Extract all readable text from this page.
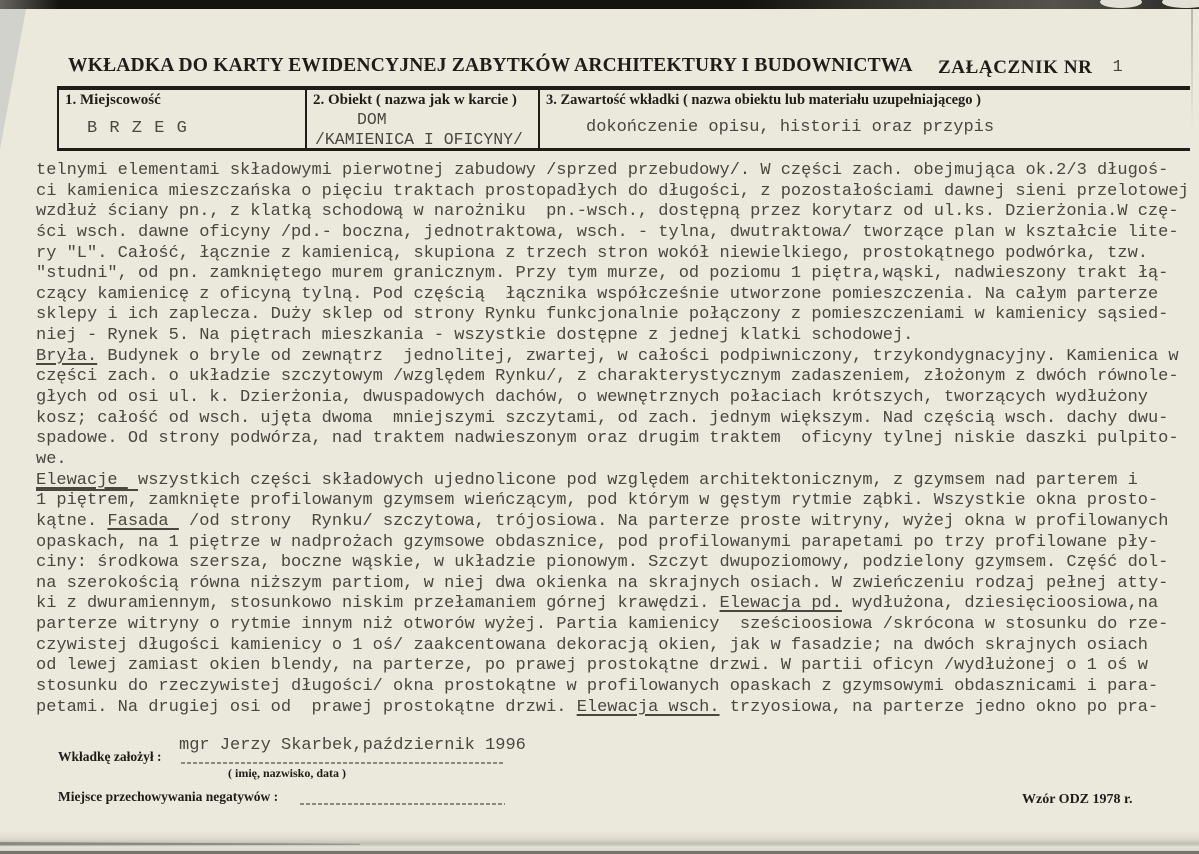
WKŁADKA DO KARTY EWIDENCYJNEJ ZABYTKÓW ARCHITEKTURY I BUDOWNICTWA ZAŁĄCZNIK NR 1
1. Miejscowość
B R Z E G
2. Obiekt ( nazwa jak w karcie )
DOM
/KAMIENICA I OFICYNY/
3. Zawartość wkładki ( nazwa obiektu lub materiału uzupełniającego )
dokończenie opisu, historii oraz przypis
telnymi elementami składowymi pierwotnej zabudowy /sprzed przebudowy/. W części zach. obejmująca ok.2/3 długoś-
ci kamienica mieszczańska o pięciu traktach prostopadłych do długości, z pozostałościami dawnej sieni przelotowej
wzdłuż ściany pn., z klatką schodową w narożniku  pn.-wsch., dostępną przez korytarz od ul.ks. Dzierżonia.W czę-
ści wsch. dawne oficyny /pd.- boczna, jednotraktowa, wsch. - tylna, dwutraktowa/ tworzące plan w kształcie lite-
ry "L". Całość, łącznie z kamienicą, skupiona z trzech stron wokół niewielkiego, prostokątnego podwórka, tzw.
"studni", od pn. zamkniętego murem granicznym. Przy tym murze, od poziomu 1 piętra,wąski, nadwieszony trakt łą-
czący kamienicę z oficyną tylną. Pod częścią  łącznika współcześnie utworzone pomieszczenia. Na całym parterze
sklepy i ich zaplecza. Duży sklep od strony Rynku funkcjonalnie połączony z pomieszczeniami w kamienicy sąsied-
niej - Rynek 5. Na piętrach mieszkania - wszystkie dostępne z jednej klatki schodowej.
Bryła. Budynek o bryle od zewnątrz  jednolitej, zwartej, w całości podpiwniczony, trzykondygnacyjny. Kamienica w
części zach. o układzie szczytowym /względem Rynku/, z charakterystycznym zadaszeniem, złożonym z dwóch równole-
głych od osi ul. k. Dzierżonia, dwuspadowych dachów, o wewnętrznych połaciach krótszych, tworzących wydłużony
kosz; całość od wsch. ujęta dwoma  mniejszymi szczytami, od zach. jednym większym. Nad częścią wsch. dachy dwu-
spadowe. Od strony podwórza, nad traktem nadwieszonym oraz drugim traktem  oficyny tylnej niskie daszki pulpito-
we.
Elewacje  wszystkich części składowych ujednolicone pod względem architektonicznym, z gzymsem nad parterem i
1 piętrem, zamknięte profilowanym gzymsem wieńczącym, pod którym w gęstym rytmie ząbki. Wszystkie okna prosto-
kątne. Fasada  /od strony  Rynku/ szczytowa, trójosiowa. Na parterze proste witryny, wyżej okna w profilowanych
opaskach, na 1 piętrze w nadprożach gzymsowe obdasznice, pod profilowanymi parapetami po trzy profilowane pły-
ciny: środkowa szersza, boczne wąskie, w układzie pionowym. Szczyt dwupoziomowy, podzielony gzymsem. Część dol-
na szerokością równa niższym partiom, w niej dwa okienka na skrajnych osiach. W zwieńczeniu rodzaj pełnej atty-
ki z dwuramiennym, stosunkowo niskim przełamaniem górnej krawędzi. Elewacja pd. wydłużona, dziesięcioosiowa,na
parterze witryny o rytmie innym niż otworów wyżej. Partia kamienicy  sześcioosiowa /skrócona w stosunku do rze-
czywistej długości kamienicy o 1 oś/ zaakcentowana dekoracją okien, jak w fasadzie; na dwóch skrajnych osiach
od lewej zamiast okien blendy, na parterze, po prawej prostokątne drzwi. W partii oficyn /wydłużonej o 1 oś w
stosunku do rzeczywistej długości/ okna prostokątne w profilowanych opaskach z gzymsowymi obdasznicami i para-
petami. Na drugiej osi od  prawej prostokątne drzwi. Elewacja wsch. trzyosiowa, na parterze jedno okno po pra-
mgr Jerzy Skarbek,październik 1996
Wkładkę założył :
( imię, nazwisko, data )
Miejsce przechowywania negatywów :	Wzór ODZ 1978 r.
